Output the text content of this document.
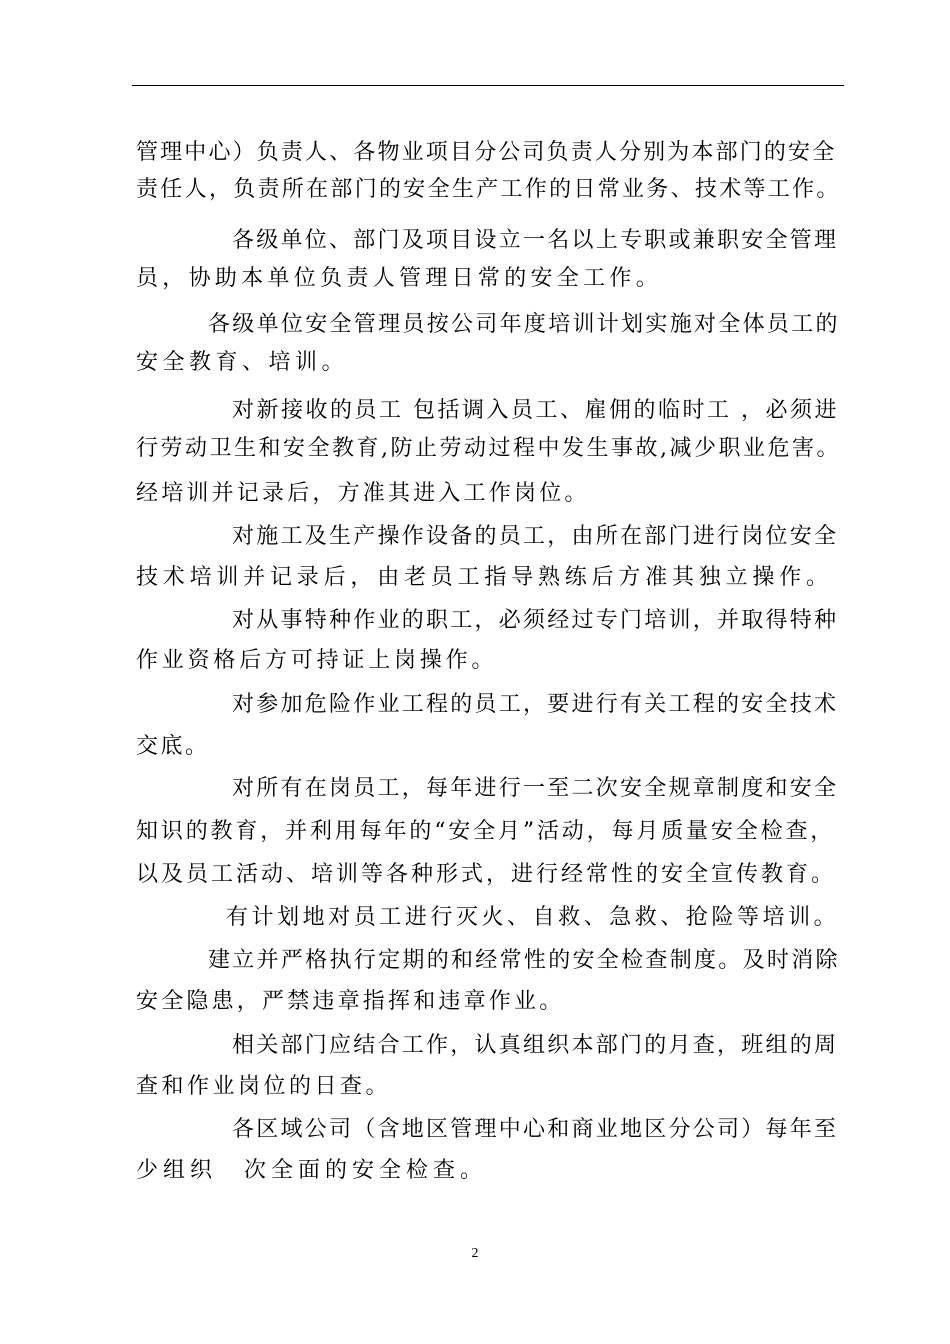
管理中心）负责人、各物业项目分公司负责人分别为本部门的安全

责任人，负责所在部门的安全生产工作的日常业务、技术等工作。

各级单位、部门及项目设立一名以上专职或兼职安全管理

员，协助本单位负责人管理日常的安全工作。

各级单位安全管理员按公司年度培训计划实施对全体员工的

安全教育、培训。

对新接收的员工 包括调入员工、雇佣的临时工 ，必须进

行劳动卫生和安全教育,防止劳动过程中发生事故,减少职业危害。

经培训并记录后，方准其进入工作岗位。

对施工及生产操作设备的员工，由所在部门进行岗位安全

技术培训并记录后，由老员工指导熟练后方准其独立操作。

对从事特种作业的职工，必须经过专门培训，并取得特种

作业资格后方可持证上岗操作。

对参加危险作业工程的员工，要进行有关工程的安全技术

交底。

对所有在岗员工，每年进行一至二次安全规章制度和安全

知识的教育，并利用每年的“安全月”活动，每月质量安全检查，

以及员工活动、培训等各种形式，进行经常性的安全宣传教育。

有计划地对员工进行灭火、自救、急救、抢险等培训。

建立并严格执行定期的和经常性的安全检查制度。及时消除

安全隐患，严禁违章指挥和违章作业。

相关部门应结合工作，认真组织本部门的月查，班组的周

查和作业岗位的日查。

各区域公司（含地区管理中心和商业地区分公司）每年至

少组织　次全面的安全检查。

2
